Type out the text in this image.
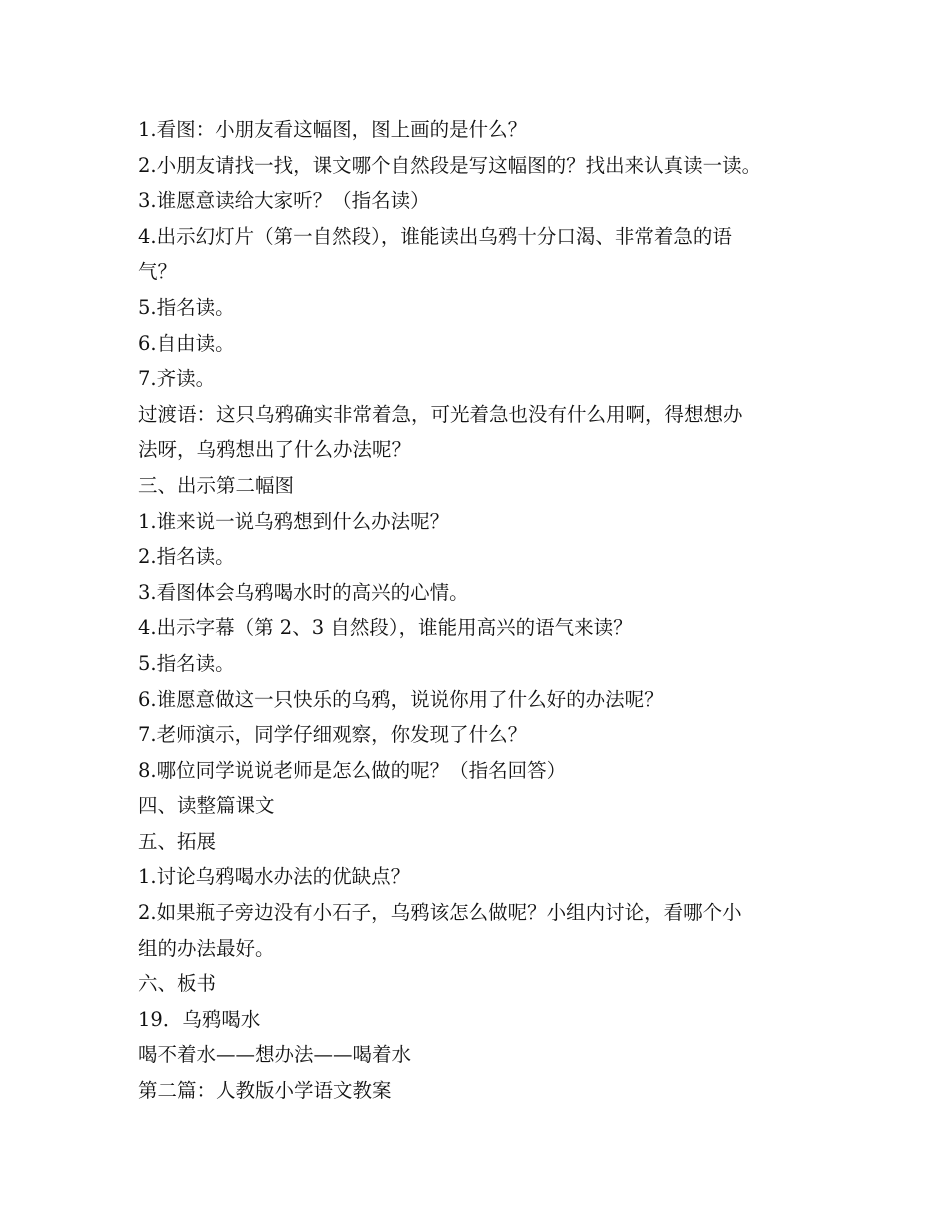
1.看图：小朋友看这幅图，图上画的是什么？
2.小朋友请找一找，课文哪个自然段是写这幅图的？找出来认真读一读。
3.谁愿意读给大家听？（指名读）
4.出示幻灯片（第一自然段），谁能读出乌鸦十分口渴、非常着急的语
气？
5.指名读。
6.自由读。
7.齐读。
过渡语：这只乌鸦确实非常着急，可光着急也没有什么用啊，得想想办
法呀，乌鸦想出了什么办法呢？
三、出示第二幅图
1.谁来说一说乌鸦想到什么办法呢？
2.指名读。
3.看图体会乌鸦喝水时的高兴的心情。
4.出示字幕（第 2、3 自然段），谁能用高兴的语气来读？
5.指名读。
6.谁愿意做这一只快乐的乌鸦，说说你用了什么好的办法呢？
7.老师演示，同学仔细观察，你发现了什么？
8.哪位同学说说老师是怎么做的呢？（指名回答）
四、读整篇课文
五、拓展
1.讨论乌鸦喝水办法的优缺点？
2.如果瓶子旁边没有小石子，乌鸦该怎么做呢？小组内讨论，看哪个小
组的办法最好。
六、板书
19．乌鸦喝水
喝不着水——想办法——喝着水
第二篇：人教版小学语文教案
